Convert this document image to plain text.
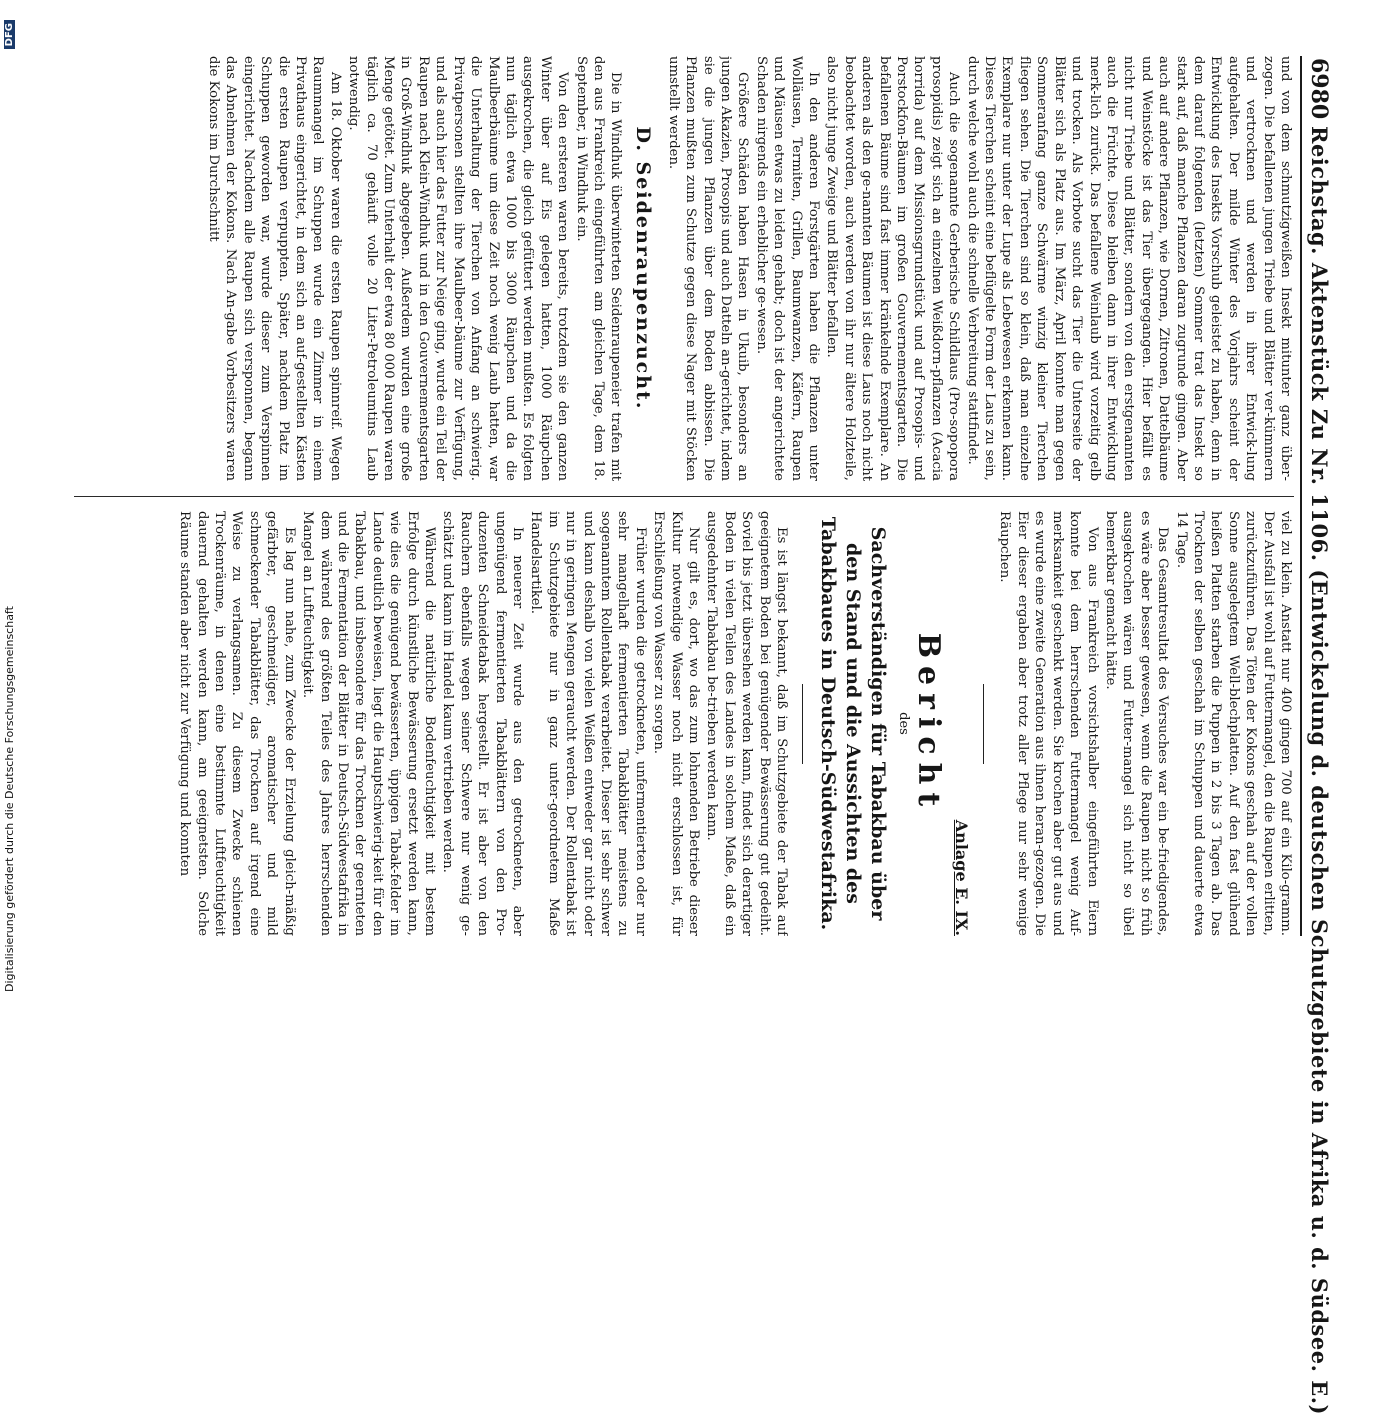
6980
Reichstag. Aktenstück Zu Nr. 1106. (Entwickelung d. deutschen Schutzgebiete in Afrika u. d. Südsee. E.)

und von dem schmutzigweißen Insekt mitunter ganz über-zogen. Die befallenen jungen Triebe und Blätter ver-kümmern und vertrocknen und werden in ihrer Entwick-lung aufgehalten. Der milde Winter des Vorjahrs scheint der Entwicklung des Insekts Vorschub geleistet zu haben, denn in dem darauf folgenden (letzten) Sommer trat das Insekt so stark auf, daß manche Pflanzen daran zugrunde gingen. Aber auch auf andere Pflanzen, wie Dornen, Zitronen, Dattelbäume und Weinstöcke ist das Tier übergegangen. Hier befällt es nicht nur Triebe und Blätter, sondern von den erstgenannten auch die Früchte. Diese bleiben dann in ihrer Entwicklung merk-lich zurück. Das befallene Weinlaub wird vorzeitig gelb und trocken. Als Vorbote sucht das Tier die Unterseite der Blätter sich als Platz aus. Im März, April konnte man gegen Sommeranfang ganze Schwärme winzig kleiner Tierchen fliegen sehen. Die Tierchen sind so klein, daß man einzelne Exemplare nur unter der Lupe als Lebewesen erkennen kann. Dieses Tierchen scheint eine beflügelte Form der Laus zu sein, durch welche wohl auch die schnelle Verbreitung stattfindet.

Auch die sogenannte Gerberische Schildlaus (Pro-sopopora prosopidis) zeigt sich an einzelnen Weißdorn-pflanzen (Acacia horrida) auf dem Missionsgrundstück und auf Prosopis- und Porstockfon-Bäumen im großen Gouvernementsgarten. Die befallenen Bäume sind fast immer kränkelnde Exemplare. An anderen als den ge-nannten Bäumen ist diese Laus noch nicht beobachtet worden, auch werden von ihr nur ältere Holzteile, also nicht junge Zweige und Blätter befallen.

In den anderen Forstgärten haben die Pflanzen unter Wolläusen, Termiten, Grillen, Baumwanzen, Käfern, Raupen und Mäusen etwas zu leiden gehabt; doch ist der angerichtete Schaden nirgends ein erheblicher ge-wesen.

Größere Schäden haben Hasen in Ukuib, besonders an jungen Akazien, Prosopis und auch Datteln an-gerichtet, indem sie die jungen Pflanzen über dem Boden abbissen. Die Pflanzen mußten zum Schutze gegen diese Nager mit Stöcken umstellt werden.

D. Seidenraupenzucht.

Die in Windhuk überwinterten Seidenraupeneier trafen mit den aus Frankreich eingeführten am gleichen Tage, dem 18. September, in Windhuk ein.

Von den ersteren waren bereits, trotzdem sie den ganzen Winter über auf Eis gelegen hatten, 1000 Räupchen ausgekrochen, die gleich gefüttert werden mußten. Es folgten nun täglich etwa 1000 bis 3000 Räupchen und da die Maulbeerbäume um diese Zeit noch wenig Laub hatten, war die Unterhaltung der Tierchen von Anfang an schwierig. Privatpersonen stellten ihre Maulbeer-bäume zur Verfügung, und als auch hier das Futter zur Neige ging, wurde ein Teil der Raupen nach Klein-Windhuk und in den Gouvernementsgarten in Groß-Windhuk abgegeben. Außerdem wurden eine große Menge getötet. Zum Unterhalt der etwa 80 000 Raupen waren täglich ca. 70 gehäuft volle 20 Liter-Petroleumtins Laub notwendig.

Am 18. Oktober waren die ersten Raupen spinnreif. Wegen Raummangel im Schuppen wurde ein Zimmer in einem Privathaus eingerichtet, in dem sich an auf-gestellten Kästen die ersten Raupen verpuppten. Später, nachdem Platz im Schuppen geworden war, wurde dieser zum Verspinnen eingerichtet. Nachdem alle Raupen sich versponnen, begann das Abnehmen der Kokons. Nach An-gabe Vorbesitzers waren die Kokons im Durchschnitt

viel zu klein. Anstatt nur 400 gingen 700 auf ein Kilo-gramm. Der Ausfall ist wohl auf Futtermangel, den die Raupen erlitten, zurückzuführen. Das Töten der Kokons geschah auf der vollen Sonne ausgelegtem Well-blechplatten. Auf den fast glühend heißen Platten starben die Puppen in 2 bis 3 Tagen ab. Das Trocknen der selben geschah im Schuppen und dauerte etwa 14 Tage.

Das Gesamtresultat des Versuches war ein be-friedigendes, es wäre aber besser gewesen, wenn die Raupen nicht so früh ausgekrochen wären und Futter-mangel sich nicht so übel bemerkbar gemacht hätte.

Von aus Frankreich vorsichtshalber eingeführten Eiern konnte bei dem herrschenden Futtermangel wenig Auf-merksamkeit geschenkt werden. Sie krochen aber gut aus und es wurde eine zweite Generation aus ihnen heran-gezogen. Die Eier dieser ergaben aber trotz aller Pflege nur sehr wenige Räupchen.

Anlage E. IX.
Bericht
des
Sachverständigen für Tabakbau über den Stand und die Aussichten des Tabakbaues in Deutsch-Südwestafrika.

Es ist längst bekannt, daß im Schutzgebiete der Tabak auf geeignetem Boden bei genügender Bewässerung gut gedeiht. Soviel bis jetzt übersehen werden kann, findet sich derartiger Boden in vielen Teilen des Landes in solchem Maße, daß ein ausgedehnter Tabakbau be-trieben werden kann.

Nur gilt es, dort, wo das zum lohnenden Betriebe dieser Kultur notwendige Wasser noch nicht erschlossen ist, für Erschließung von Wasser zu sorgen.

Früher wurden die getrockneten, unfermentierten oder nur sehr mangelhaft fermentierten Tabakblätter meistens zu sogenanntem Rollentabak verarbeitet. Dieser ist sehr schwer und kann deshalb von vielen Weißen entweder gar nicht oder nur in geringen Mengen geraucht werden. Der Rollentabak ist im Schutzgebiete nur in ganz unter-geordnetem Maße Handelsartikel.

In neuerer Zeit wurde aus den getrockneten, aber ungenügend fermentierten Tabakblättern von den Pro-duzenten Schneidetabak hergestellt. Er ist aber von den Rauchern ebenfalls wegen seiner Schwere nur wenig ge-schätzt und kann im Handel kaum vertrieben werden.

Während die natürliche Bodenfeuchtigkeit mit bestem Erfolge durch künstliche Bewässerung ersetzt werden kann, wie dies die genügend bewässerten, üppigen Tabak-felder im Lande deutlich beweisen, liegt die Hauptschwierig-keit für den Tabakbau, und insbesondere für das Trocknen der geernteten und die Fermentation der Blätter in Deutsch-Südwestafrika in dem während des größten Teiles des Jahres herrschenden Mangel an Luftfeuchtigkeit.

Es lag nun nahe, zum Zwecke der Erzielung gleich-mäßig gefärbter, geschmeidiger, aromatischer und mild schmeckender Tabakblätter, das Trocknen auf irgend eine Weise zu verlangsamen. Zu diesem Zwecke schienen Trockenräume, in denen eine bestimmte Luftfeuchtigkeit dauernd gehalten werden kann, am geeignetsten. Solche Räume standen aber nicht zur Verfügung und konnten

Digitalisierung gefördert durch die Deutsche Forschungsgemeinschaft
DFG
